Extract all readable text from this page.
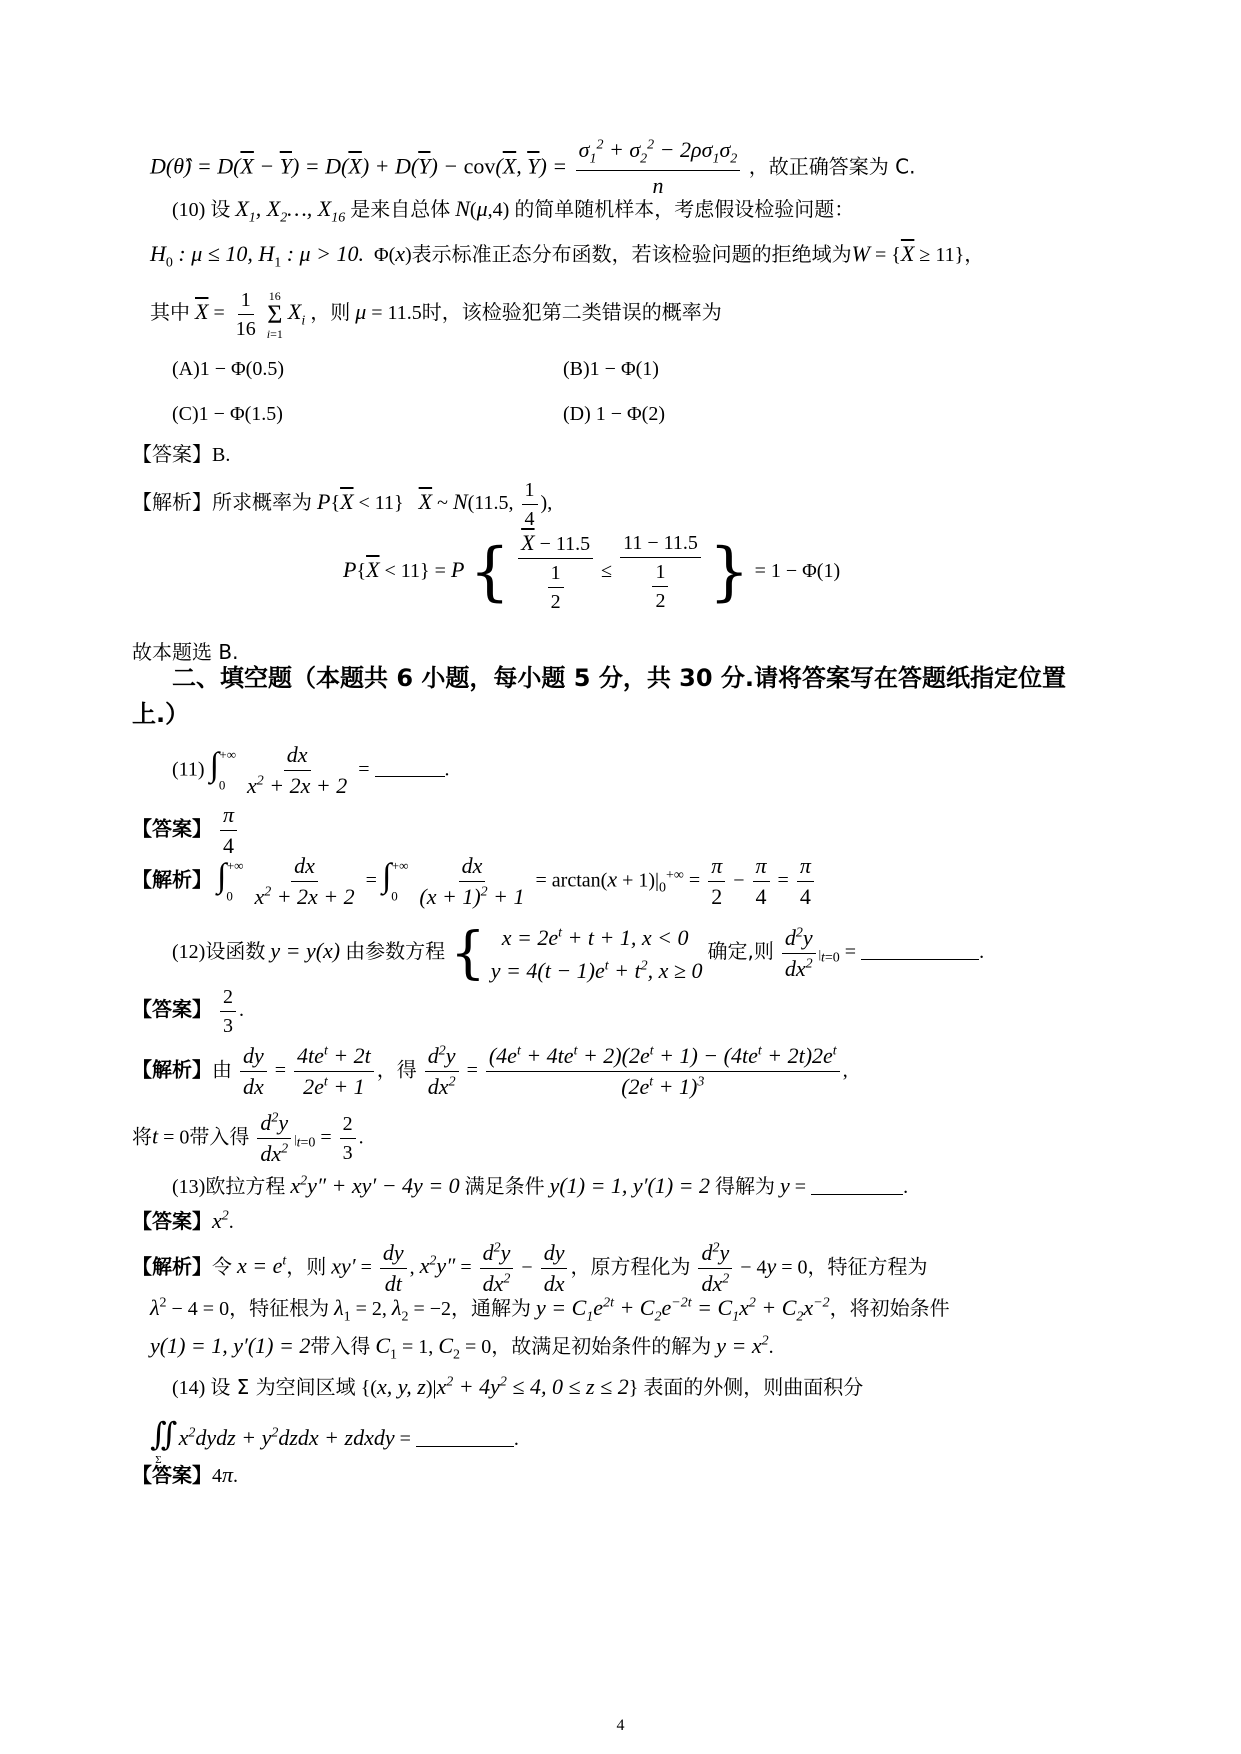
D(θ̂) = $D(\overline{X} - \overline{Y}) = D(\overline{X}) + D(\overline{Y}) - cov(\overline{X}$, $\overline{Y}) = \frac{\sigma_1^2 + \sigma_2^2 - 2\rho\sigma_1\sigma_2}{n}$ ，故正确答案为 C.
(10) 设 $X_1$, $X_2\dots$, $X_{16}$ 是来自总体 N(μ,4) 的简单随机样本，考虑假设检验问题：
$H_0$ : μ ≤ 10, $H_1$ : μ > 10.  Φ(x)表示标准正态分布函数，若该检验问题的拒绝域为$W = \{\overline{X} \ge 11\}$，
其中 $\overline{X} = \frac{1}{16}$
16
Σ
i=1
$X_i$ ，则 μ = 11.5时，该检验犯第二类错误的概率为
(A)1 − Φ(0.5)	(B)1 − Φ(1)
(C)1 − Φ(1.5)	(D) 1 − Φ(2)
【答案】B.
【解析】所求概率为 $P\{\overline{X} < 11\}$   $\overline{X}$ ~ N(11.5, $\frac{1}{4}$ ),
$P\{\overline{X} < 11\} = P$ { $\frac{\overline{X} - 11.5}{\frac{1}{2}} \le \frac{11 - 11.5}{\frac{1}{2}}$ } = 1 − Φ(1)
故本题选 B.
二、填空题（本题共 6 小题，每小题 5 分，共 30 分.请将答案写在答题纸指定位置
上.）
(11) $\int_0^{+\infty} \frac{dx}{x^2 + 2x + 2}$ =	.
【答案】 $\frac{\pi}{4}$
【解析】 $\int_0^{+\infty} \frac{dx}{x^2 + 2x + 2} = \int_0^{+\infty} \frac{dx}{(x + 1)^2 + 1} = \arctan(x + 1)|_0^{+\infty} = \frac{\pi}{2} - \frac{\pi}{4} = \frac{\pi}{4}$
(12)设函数 y = y(x) 由参数方程 { $x = 2e^t + t + 1$, x < 0
$y = 4(t - 1)e^t + t^2$, x ≥ 0
确定,则 $\frac{d^2y}{dx^2} |_{t=0}$ =	.
【答案】 $\frac{2}{3}$ .
【解析】由 $\frac{dy}{dx} = \frac{4te^t + 2t}{2e^t + 1}$ ，得 $\frac{d^2y}{dx^2} = \frac{(4e^t + 4te^t + 2)(2e^t + 1) - (4te^t + 2t)2e^t}{(2e^t + 1)^3}$ ,
将t = 0带入得 $\frac{d^2y}{dx^2} |_{t=0} = \frac{2}{3}$ .
(13)欧拉方程 $x^2y'' + xy' - 4y = 0$ 满足条件 y(1) = 1, y′(1) = 2 得解为 y =	.
【答案】$x^2$.
【解析】令 $x = e^t$，则 $xy' = \frac{dy}{dt}$ , $x^2y'' = \frac{d^2y}{dx^2} - \frac{dy}{dx}$ ，原方程化为 $\frac{d^2y}{dx^2} - 4y = 0$，特征方程为
$\lambda^2 - 4 = 0$，特征根为 $\lambda_1 = 2$, $\lambda_2 = -2$，通解为 $y = C_1e^{2t} + C_2e^{-2t} = C_1x^2 + C_2x^{-2}$，将初始条件
y(1) = 1, y′(1) = 2带入得 $C_1 = 1$, $C_2 = 0$，故满足初始条件的解为 $y = x^2$.
(14) 设 Σ 为空间区域 {(x, y, $z)|x^2 + 4y^2 \le 4$, 0 ≤ z ≤ 2} 表面的外侧，则曲面积分
$∬_\Sigma$ $x^2dydz$ + $y^2dzdx$ + zdxdy =	.
【答案】4π.
4
